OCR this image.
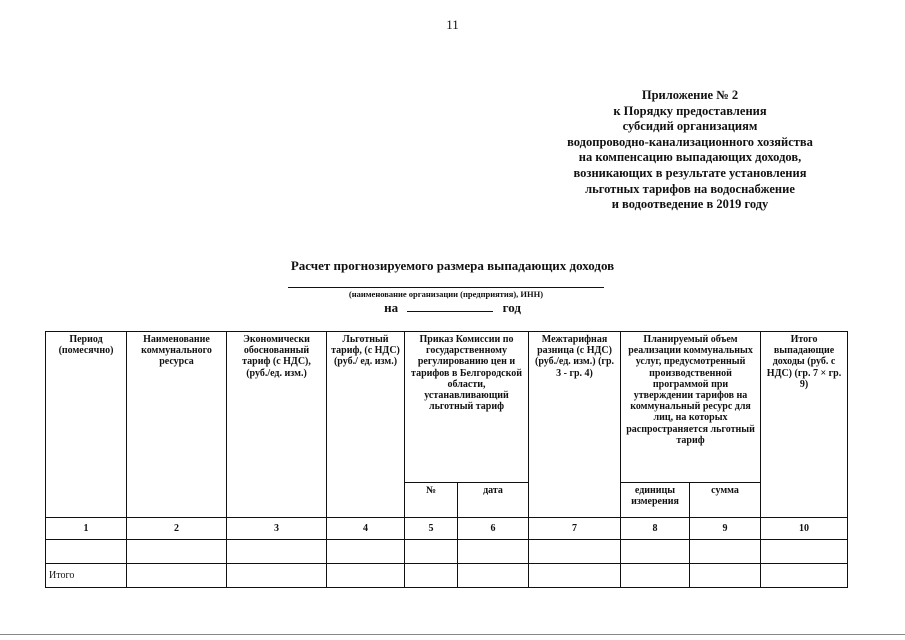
11
Приложение № 2
к Порядку предоставления
субсидий организациям
водопроводно-канализационного хозяйства
на компенсацию выпадающих доходов,
возникающих в результате установления
льготных тарифов на водоснабжение
и водоотведение в 2019 году
Расчет прогнозируемого размера выпадающих доходов
(наименование организации (предприятия), ИНН)
на	год
Период (помесячно)	Наименование коммунального ресурса	Экономически обоснованный тариф (с НДС), (руб./ед. изм.)	Льготный тариф, (с НДС) (руб./ ед. изм.)	Приказ Комиссии по государственному регулированию цен и тарифов в Белгородской области, устанавливающий льготный тариф		Межтарифная разница (с НДС) (руб./ед. изм.) (гр. 3 - гр. 4)	Планируемый объем реализации коммунальных услуг, предусмотренный производственной программой при утверждении тарифов на коммунальный ресурс для лиц, на которых распространяется льготный тариф		Итого выпадающие доходы (руб. с НДС) (гр. 7 × гр. 9)
				№	дата		единицы измерения	сумма	
1	2	3	4	5	6	7	8	9	10

Итого									
